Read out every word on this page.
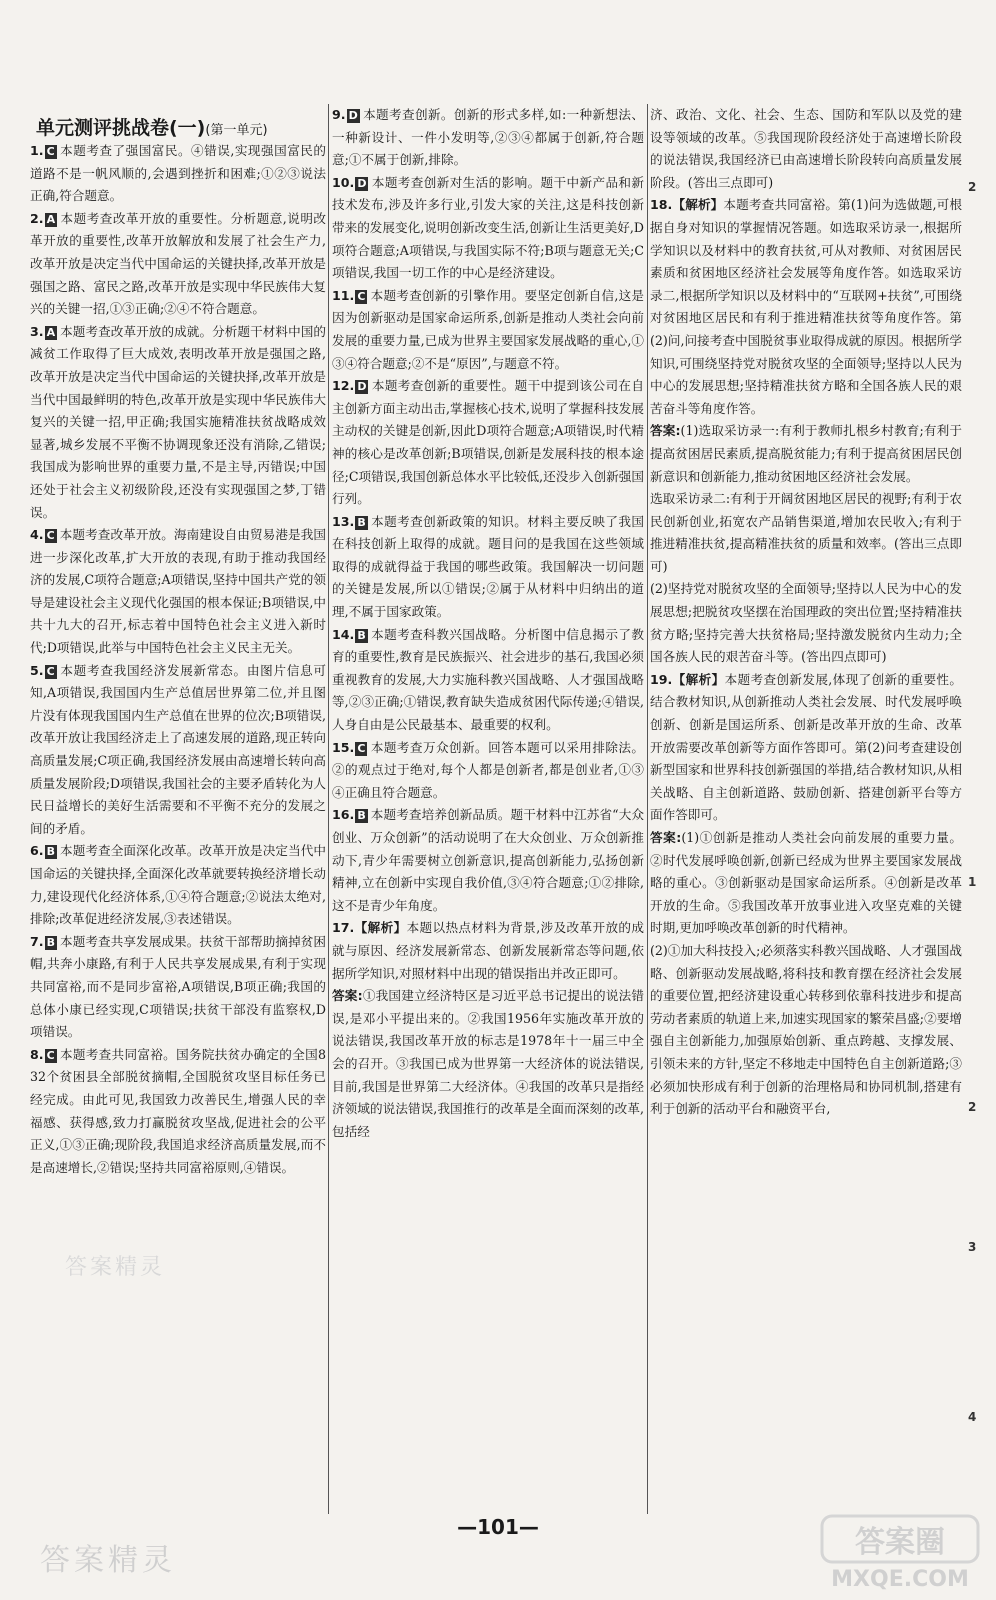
单元测评挑战卷(一)(第一单元)

1. C 本题考查了强国富民。④错误,实现强国富民的道路不是一帆风顺的,会遇到挫折和困难;①②③说法正确,符合题意。

2. A 本题考查改革开放的重要性。分析题意,说明改革开放的重要性,改革开放解放和发展了社会生产力,改革开放是决定当代中国命运的关键抉择,改革开放是强国之路、富民之路,改革开放是实现中华民族伟大复兴的关键一招,①③正确;②④不符合题意。

3. A 本题考查改革开放的成就。分析题干材料中国的减贫工作取得了巨大成效,表明改革开放是强国之路,改革开放是决定当代中国命运的关键抉择,改革开放是当代中国最鲜明的特色,改革开放是实现中华民族伟大复兴的关键一招,甲正确;我国实施精准扶贫战略成效显著,城乡发展不平衡不协调现象还没有消除,乙错误;我国成为影响世界的重要力量,不是主导,丙错误;中国还处于社会主义初级阶段,还没有实现强国之梦,丁错误。

4. C 本题考查改革开放。海南建设自由贸易港是我国进一步深化改革,扩大开放的表现,有助于推动我国经济的发展,C项符合题意;A项错误,坚持中国共产党的领导是建设社会主义现代化强国的根本保证;B项错误,中共十九大的召开,标志着中国特色社会主义进入新时代;D项错误,此举与中国特色社会主义民主无关。

5. C 本题考查我国经济发展新常态。由图片信息可知,A项错误,我国国内生产总值居世界第二位,并且图片没有体现我国国内生产总值在世界的位次;B项错误,改革开放让我国经济走上了高速发展的道路,现正转向高质量发展;C项正确,我国经济发展由高速增长转向高质量发展阶段;D项错误,我国社会的主要矛盾转化为人民日益增长的美好生活需要和不平衡不充分的发展之间的矛盾。

6. B 本题考查全面深化改革。改革开放是决定当代中国命运的关键抉择,全面深化改革就要转换经济增长动力,建设现代化经济体系,①④符合题意;②说法太绝对,排除;改革促进经济发展,③表述错误。

7. B 本题考查共享发展成果。扶贫干部帮助摘掉贫困帽,共奔小康路,有利于人民共享发展成果,有利于实现共同富裕,而不是同步富裕,A项错误,B项正确;我国的总体小康已经实现,C项错误;扶贫干部没有监察权,D项错误。

8. C 本题考查共同富裕。国务院扶贫办确定的全国832个贫困县全部脱贫摘帽,全国脱贫攻坚目标任务已经完成。由此可见,我国致力改善民生,增强人民的幸福感、获得感,致力打赢脱贫攻坚战,促进社会的公平正义,①③正确;现阶段,我国追求经济高质量发展,而不是高速增长,②错误;坚持共同富裕原则,④错误。

9. D 本题考查创新。创新的形式多样,如:一种新想法、一种新设计、一件小发明等,②③④都属于创新,符合题意;①不属于创新,排除。

10. D 本题考查创新对生活的影响。题干中新产品和新技术发布,涉及许多行业,引发大家的关注,这是科技创新带来的发展变化,说明创新改变生活,创新让生活更美好,D项符合题意;A项错误,与我国实际不符;B项与题意无关;C项错误,我国一切工作的中心是经济建设。

11. C 本题考查创新的引擎作用。要坚定创新自信,这是因为创新驱动是国家命运所系,创新是推动人类社会向前发展的重要力量,已成为世界主要国家发展战略的重心,①③④符合题意;②不是“原因”,与题意不符。

12. D 本题考查创新的重要性。题干中提到该公司在自主创新方面主动出击,掌握核心技术,说明了掌握科技发展主动权的关键是创新,因此D项符合题意;A项错误,时代精神的核心是改革创新;B项错误,创新是发展科技的根本途径;C项错误,我国创新总体水平比较低,还没步入创新强国行列。

13. B 本题考查创新政策的知识。材料主要反映了我国在科技创新上取得的成就。题目问的是我国在这些领域取得的成就得益于我国的哪些政策。我国解决一切问题的关键是发展,所以①错误;②属于从材料中归纳出的道理,不属于国家政策。

14. B 本题考查科教兴国战略。分析图中信息揭示了教育的重要性,教育是民族振兴、社会进步的基石,我国必须重视教育的发展,大力实施科教兴国战略、人才强国战略等,②③正确;①错误,教育缺失造成贫困代际传递;④错误,人身自由是公民最基本、最重要的权利。

15. C 本题考查万众创新。回答本题可以采用排除法。②的观点过于绝对,每个人都是创新者,都是创业者,①③④正确且符合题意。

16. B 本题考查培养创新品质。题干材料中江苏省“大众创业、万众创新”的活动说明了在大众创业、万众创新推动下,青少年需要树立创新意识,提高创新能力,弘扬创新精神,立在创新中实现自我价值,③④符合题意;①②排除,这不是青少年角度。

17.【解析】本题以热点材料为背景,涉及改革开放的成就与原因、经济发展新常态、创新发展新常态等问题,依据所学知识,对照材料中出现的错误指出并改正即可。

答案:①我国建立经济特区是习近平总书记提出的说法错误,是邓小平提出来的。②我国1956年实施改革开放的说法错误,我国改革开放的标志是1978年十一届三中全会的召开。③我国已成为世界第一大经济体的说法错误,目前,我国是世界第二大经济体。④我国的改革只是指经济领域的说法错误,我国推行的改革是全面而深刻的改革,包括经

济、政治、文化、社会、生态、国防和军队以及党的建设等领域的改革。⑤我国现阶段经济处于高速增长阶段的说法错误,我国经济已由高速增长阶段转向高质量发展阶段。(答出三点即可)

18.【解析】本题考查共同富裕。第(1)问为选做题,可根据自身对知识的掌握情况答题。如选取采访录一,根据所学知识以及材料中的教育扶贫,可从对教师、对贫困居民素质和贫困地区经济社会发展等角度作答。如选取采访录二,根据所学知识以及材料中的“互联网+扶贫”,可围绕对贫困地区居民和有利于推进精准扶贫等角度作答。第(2)问,问接考查中国脱贫事业取得成就的原因。根据所学知识,可围绕坚持党对脱贫攻坚的全面领导;坚持以人民为中心的发展思想;坚持精准扶贫方略和全国各族人民的艰苦奋斗等角度作答。

答案:(1)选取采访录一:有利于教师扎根乡村教育;有利于提高贫困居民素质,提高脱贫能力;有利于提高贫困居民创新意识和创新能力,推动贫困地区经济社会发展。

选取采访录二:有利于开阔贫困地区居民的视野;有利于农民创新创业,拓宽农产品销售渠道,增加农民收入;有利于推进精准扶贫,提高精准扶贫的质量和效率。(答出三点即可)

(2)坚持党对脱贫攻坚的全面领导;坚持以人民为中心的发展思想;把脱贫攻坚摆在治国理政的突出位置;坚持精准扶贫方略;坚持完善大扶贫格局;坚持激发脱贫内生动力;全国各族人民的艰苦奋斗等。(答出四点即可)

19.【解析】本题考查创新发展,体现了创新的重要性。结合教材知识,从创新推动人类社会发展、时代发展呼唤创新、创新是国运所系、创新是改革开放的生命、改革开放需要改革创新等方面作答即可。第(2)问考查建设创新型国家和世界科技创新强国的举措,结合教材知识,从相关战略、自主创新道路、鼓励创新、搭建创新平台等方面作答即可。

答案:(1)①创新是推动人类社会向前发展的重要力量。②时代发展呼唤创新,创新已经成为世界主要国家发展战略的重心。③创新驱动是国家命运所系。④创新是改革开放的生命。⑤我国改革开放事业进入攻坚克难的关键时期,更加呼唤改革创新的时代精神。

(2)①加大科技投入;必须落实科教兴国战略、人才强国战略、创新驱动发展战略,将科技和教育摆在经济社会发展的重要位置,把经济建设重心转移到依靠科技进步和提高劳动者素质的轨道上来,加速实现国家的繁荣昌盛;②要增强自主创新能力,加强原始创新、重点跨越、支撑发展、引领未来的方针,坚定不移地走中国特色自主创新道路;③必须加快形成有利于创新的治理格局和协同机制,搭建有利于创新的活动平台和融资平台,

2
1
2
3
4
答案精灵
答案精灵
—101—	答案圈
MXQE.COM
